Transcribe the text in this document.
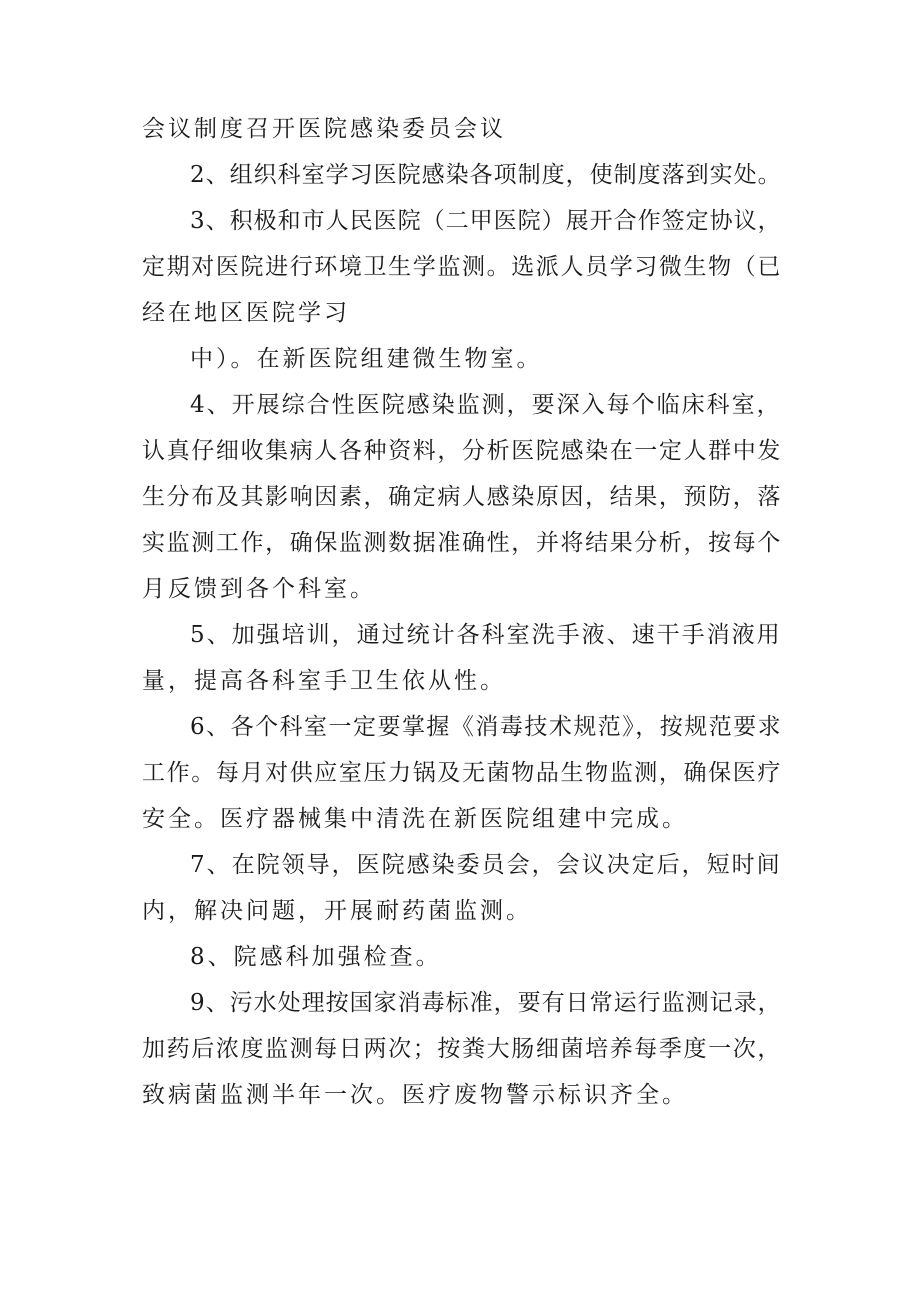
会议制度召开医院感染委员会议
2、组织科室学习医院感染各项制度，使制度落到实处。
3、积极和市人民医院（二甲医院）展开合作签定协议，
定期对医院进行环境卫生学监测。选派人员学习微生物（已
经在地区医院学习
中）。在新医院组建微生物室。
4、开展综合性医院感染监测，要深入每个临床科室，
认真仔细收集病人各种资料，分析医院感染在一定人群中发
生分布及其影响因素，确定病人感染原因，结果，预防，落
实监测工作，确保监测数据准确性，并将结果分析，按每个
月反馈到各个科室。
5、加强培训，通过统计各科室洗手液、速干手消液用
量，提高各科室手卫生依从性。
6、各个科室一定要掌握《消毒技术规范》，按规范要求
工作。每月对供应室压力锅及无菌物品生物监测，确保医疗
安全。医疗器械集中清洗在新医院组建中完成。
7、在院领导，医院感染委员会，会议决定后，短时间
内，解决问题，开展耐药菌监测。
8、院感科加强检查。
9、污水处理按国家消毒标准，要有日常运行监测记录，
加药后浓度监测每日两次；按粪大肠细菌培养每季度一次，
致病菌监测半年一次。医疗废物警示标识齐全。
